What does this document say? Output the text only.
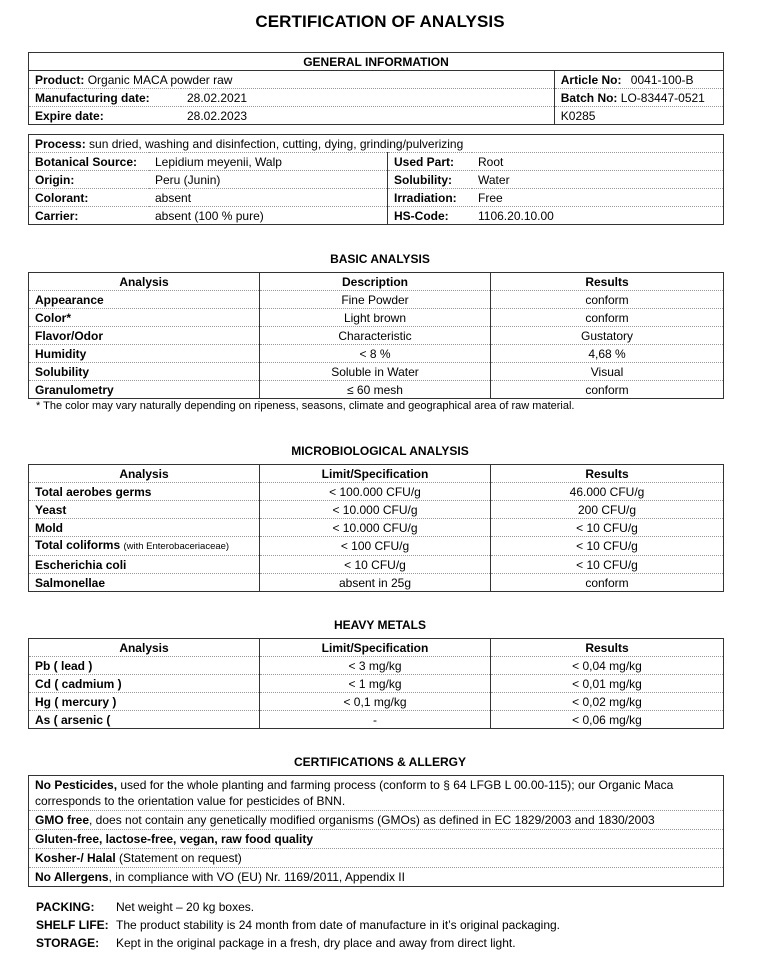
CERTIFICATION OF ANALYSIS
GENERAL INFORMATION		
Product: Organic MACA powder raw		Article No: 0041-100-B
Manufacturing date:	28.02.2021	Batch No: LO-83447-0521
Expire date:	28.02.2023	K0285
Process: sun dried, washing and disinfection, cutting, dying, grinding/pulverizing			
Botanical Source:	Lepidium meyenii, Walp	Used Part:	Root
Origin:	Peru (Junin)	Solubility:	Water
Colorant:	absent	Irradiation:	Free
Carrier:	absent (100 % pure)	HS-Code:	1106.20.10.00
BASIC ANALYSIS
Analysis	Description	Results
Appearance	Fine Powder	conform
Color*	Light brown	conform
Flavor/Odor	Characteristic	Gustatory
Humidity	< 8 %	4,68 %
Solubility	Soluble in Water	Visual
Granulometry	≤ 60 mesh	conform
* The color may vary naturally depending on ripeness, seasons, climate and geographical area of raw material.
MICROBIOLOGICAL ANALYSIS
Analysis	Limit/Specification	Results
Total aerobes germs	< 100.000 CFU/g	46.000 CFU/g
Yeast	< 10.000 CFU/g	200 CFU/g
Mold	< 10.000 CFU/g	< 10 CFU/g
Total coliforms (with Enterobaceriaceae)	< 100 CFU/g	< 10 CFU/g
Escherichia coli	< 10 CFU/g	< 10 CFU/g
Salmonellae	absent in 25g	conform
HEAVY METALS
Analysis	Limit/Specification	Results
Pb ( lead )	< 3 mg/kg	< 0,04 mg/kg
Cd ( cadmium )	< 1 mg/kg	< 0,01 mg/kg
Hg ( mercury )	< 0,1 mg/kg	< 0,02 mg/kg
As ( arsenic (	-	< 0,06 mg/kg
CERTIFICATIONS & ALLERGY
No Pesticides, used for the whole planting and farming process (conform to § 64 LFGB L 00.00-115); our Organic Maca corresponds to the orientation value for pesticides of BNN.
GMO free, does not contain any genetically modified organisms (GMOs) as defined in EC 1829/2003 and 1830/2003
Gluten-free, lactose-free, vegan, raw food quality
Kosher-/ Halal (Statement on request)
No Allergens, in compliance with VO (EU) Nr. 1169/2011, Appendix II
PACKING: Net weight – 20 kg boxes.
SHELF LIFE: The product stability is 24 month from date of manufacture in it’s original packaging.
STORAGE: Kept in the original package in a fresh, dry place and away from direct light.
